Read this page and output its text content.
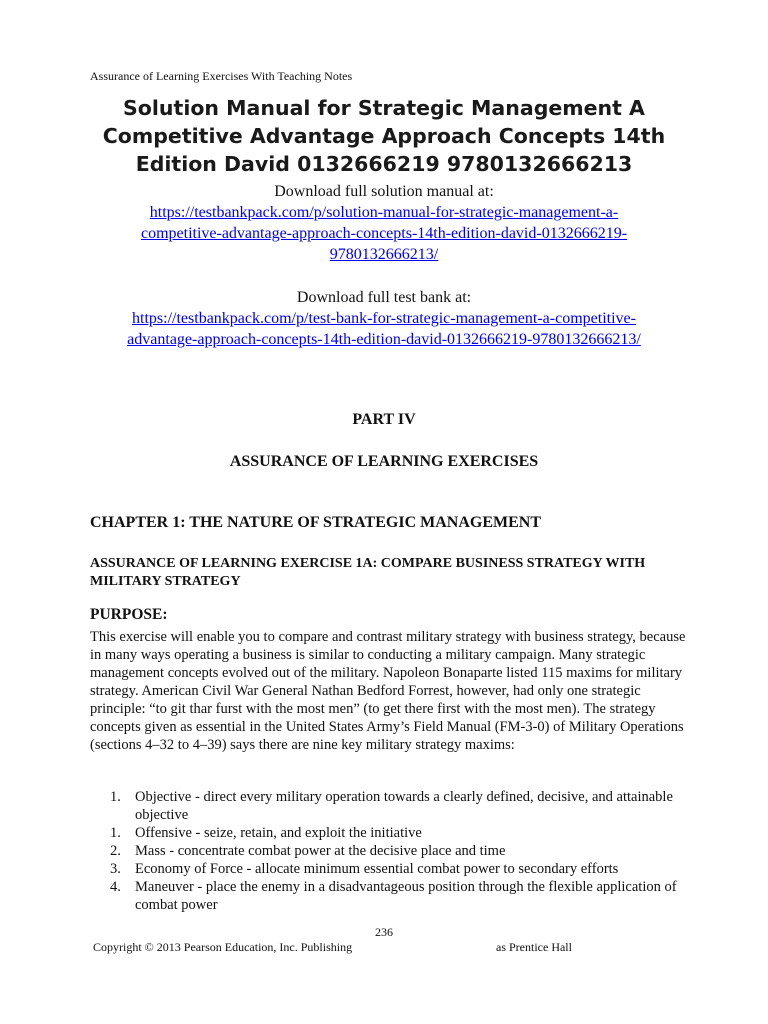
Assurance of Learning Exercises With Teaching Notes
Solution Manual for Strategic Management A
Competitive Advantage Approach Concepts 14th
Edition David 0132666219 9780132666213
Download full solution manual at:
https://testbankpack.com/p/solution-manual-for-strategic-management-a-
competitive-advantage-approach-concepts-14th-edition-david-0132666219-
9780132666213/
Download full test bank at:
https://testbankpack.com/p/test-bank-for-strategic-management-a-competitive-
advantage-approach-concepts-14th-edition-david-0132666219-9780132666213/
PART IV
ASSURANCE OF LEARNING EXERCISES
CHAPTER 1: THE NATURE OF STRATEGIC MANAGEMENT
ASSURANCE OF LEARNING EXERCISE 1A: COMPARE BUSINESS STRATEGY WITH MILITARY STRATEGY
PURPOSE:
This exercise will enable you to compare and contrast military strategy with business strategy, because in many ways operating a business is similar to conducting a military campaign. Many strategic management concepts evolved out of the military. Napoleon Bonaparte listed 115 maxims for military strategy. American Civil War General Nathan Bedford Forrest, however, had only one strategic principle: “to git thar furst with the most men” (to get there first with the most men). The strategy concepts given as essential in the United States Army’s Field Manual (FM-3-0) of Military Operations (sections 4–32 to 4–39) says there are nine key military strategy maxims:
1. Objective - direct every military operation towards a clearly defined, decisive, and attainable objective
1. Offensive - seize, retain, and exploit the initiative
2. Mass - concentrate combat power at the decisive place and time
3. Economy of Force - allocate minimum essential combat power to secondary efforts
4. Maneuver - place the enemy in a disadvantageous position through the flexible application of combat power
236
Copyright © 2013 Pearson Education, Inc. Publishing	as Prentice Hall
